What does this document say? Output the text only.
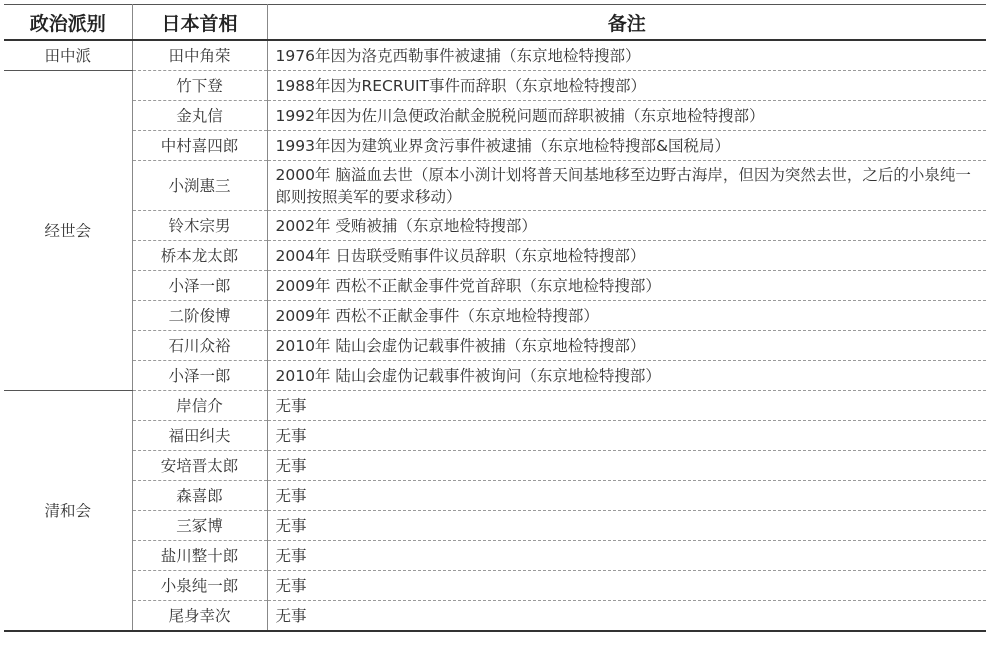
政治派别	日本首相	备注
田中派	田中角荣	1976年因为洛克西勒事件被逮捕（东京地检特搜部）
经世会	竹下登	1988年因为RECRUIT事件而辞职（东京地检特搜部）
	金丸信	1992年因为佐川急便政治献金脱税问题而辞职被捕（东京地检特搜部）
	中村喜四郎	1993年因为建筑业界贪污事件被逮捕（东京地检特搜部&国税局）
	小渕惠三	2000年 脑溢血去世（原本小渕计划将普天间基地移至边野古海岸，但因为突然去世，之后的小泉纯一郎则按照美军的要求移动）
	铃木宗男	2002年 受贿被捕（东京地检特搜部）
	桥本龙太郎	2004年 日齿联受贿事件议员辞职（东京地检特搜部）
	小泽一郎	2009年 西松不正献金事件党首辞职（东京地检特搜部）
	二阶俊博	2009年 西松不正献金事件（东京地检特搜部）
	石川众裕	2010年 陆山会虚伪记载事件被捕（东京地检特搜部）
	小泽一郎	2010年 陆山会虚伪记载事件被询问（东京地检特搜部）
清和会	岸信介	无事
	福田纠夫	无事
	安培晋太郎	无事
	森喜郎	无事
	三冢博	无事
	盐川整十郎	无事
	小泉纯一郎	无事
	尾身幸次	无事
